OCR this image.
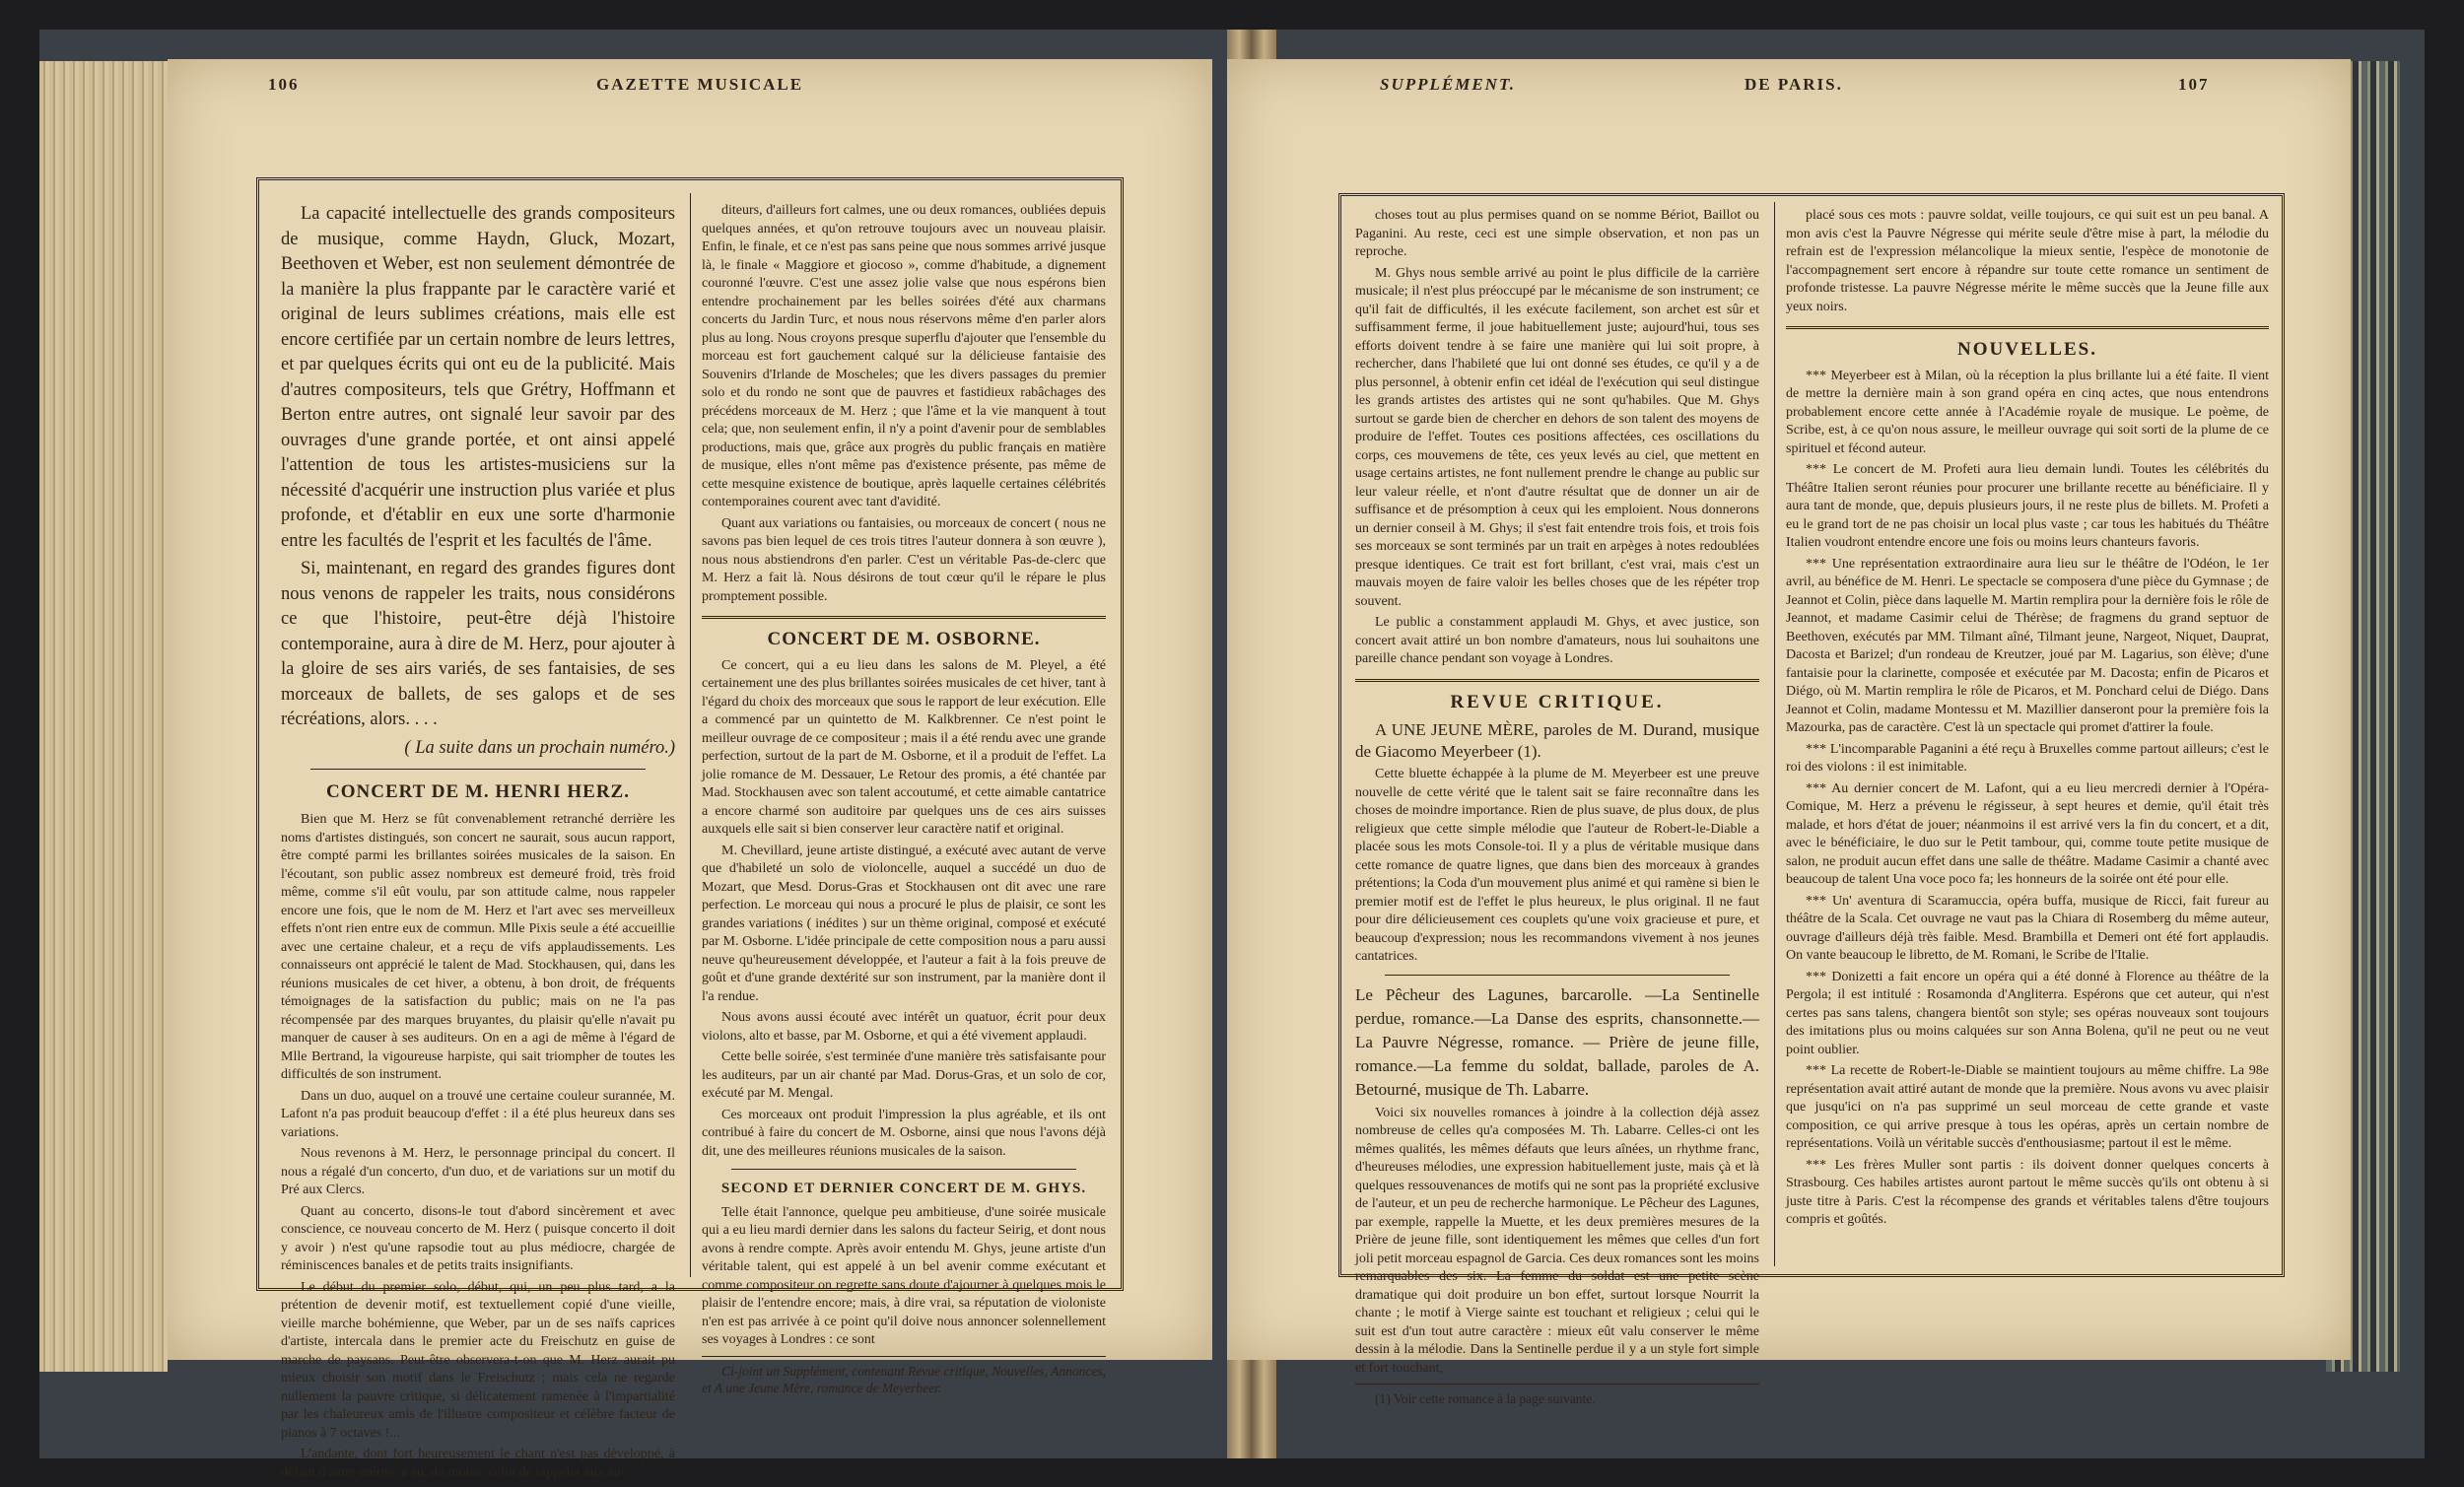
106	GAZETTE MUSICALE	SUPPLÉMENT.	DE PARIS.	107

La capacité intellectuelle des grands compositeurs de musique, comme Haydn, Gluck, Mozart, Beethoven et Weber, est non seulement démontrée de la manière la plus frappante par le caractère varié et original de leurs sublimes créations, mais elle est encore certifiée par un certain nombre de leurs lettres, et par quelques écrits qui ont eu de la publicité. Mais d'autres compositeurs, tels que Grétry, Hoffmann et Berton entre autres, ont signalé leur savoir par des ouvrages d'une grande portée, et ont ainsi appelé l'attention de tous les artistes-musiciens sur la nécessité d'acquérir une instruction plus variée et plus profonde, et d'établir en eux une sorte d'harmonie entre les facultés de l'esprit et les facultés de l'âme.

Si, maintenant, en regard des grandes figures dont nous venons de rappeler les traits, nous considérons ce que l'histoire, peut-être déjà l'histoire contemporaine, aura à dire de M. Herz, pour ajouter à la gloire de ses airs variés, de ses fantaisies, de ses morceaux de ballets, de ses galops et de ses récréations, alors. . . .

( La suite dans un prochain numéro.)

CONCERT DE M. HENRI HERZ.

Bien que M. Herz se fût convenablement retranché derrière les noms d'artistes distingués, son concert ne saurait, sous aucun rapport, être compté parmi les brillantes soirées musicales de la saison. En l'écoutant, son public assez nombreux est demeuré froid, très froid même, comme s'il eût voulu, par son attitude calme, nous rappeler encore une fois, que le nom de M. Herz et l'art avec ses merveilleux effets n'ont rien entre eux de commun. Mlle Pixis seule a été accueillie avec une certaine chaleur, et a reçu de vifs applaudissements. Les connaisseurs ont apprécié le talent de Mad. Stockhausen, qui, dans les réunions musicales de cet hiver, a obtenu, à bon droit, de fréquents témoignages de la satisfaction du public; mais on ne l'a pas récompensée par des marques bruyantes, du plaisir qu'elle n'avait pu manquer de causer à ses auditeurs. On en a agi de même à l'égard de Mlle Bertrand, la vigoureuse harpiste, qui sait triompher de toutes les difficultés de son instrument.

Dans un duo, auquel on a trouvé une certaine couleur surannée, M. Lafont n'a pas produit beaucoup d'effet : il a été plus heureux dans ses variations.

Nous revenons à M. Herz, le personnage principal du concert. Il nous a régalé d'un concerto, d'un duo, et de variations sur un motif du Pré aux Clercs.

Quant au concerto, disons-le tout d'abord sincèrement et avec conscience, ce nouveau concerto de M. Herz ( puisque concerto il doit y avoir ) n'est qu'une rapsodie tout au plus médiocre, chargée de réminiscences banales et de petits traits insignifiants.

Le début du premier solo, début, qui, un peu plus tard, a la prétention de devenir motif, est textuellement copié d'une vieille, vieille marche bohémienne, que Weber, par un de ses naïfs caprices d'artiste, intercala dans le premier acte du Freischutz en guise de marche de paysans. Peut-être observera-t-on que M. Herz aurait pu mieux choisir son motif dans le Freischutz ; mais cela ne regarde nullement la pauvre critique, si délicatement ramenée à l'impartialité par les chaleureux amis de l'illustre compositeur et célèbre facteur de pianos à 7 octaves !...

L'andante, dont fort heureusement le chant n'est pas développé, à défaut d'autre mérite, a eu, du moins, celui de rappeler aux au-

diteurs, d'ailleurs fort calmes, une ou deux romances, oubliées depuis quelques années, et qu'on retrouve toujours avec un nouveau plaisir. Enfin, le finale, et ce n'est pas sans peine que nous sommes arrivé jusque là, le finale « Maggiore et giocoso », comme d'habitude, a dignement couronné l'œuvre. C'est une assez jolie valse que nous espérons bien entendre prochainement par les belles soirées d'été aux charmans concerts du Jardin Turc, et nous nous réservons même d'en parler alors plus au long. Nous croyons presque superflu d'ajouter que l'ensemble du morceau est fort gauchement calqué sur la délicieuse fantaisie des Souvenirs d'Irlande de Moscheles; que les divers passages du premier solo et du rondo ne sont que de pauvres et fastidieux rabâchages des précédens morceaux de M. Herz ; que l'âme et la vie manquent à tout cela; que, non seulement enfin, il n'y a point d'avenir pour de semblables productions, mais que, grâce aux progrès du public français en matière de musique, elles n'ont même pas d'existence présente, pas même de cette mesquine existence de boutique, après laquelle certaines célébrités contemporaines courent avec tant d'avidité.

Quant aux variations ou fantaisies, ou morceaux de concert ( nous ne savons pas bien lequel de ces trois titres l'auteur donnera à son œuvre ), nous nous abstiendrons d'en parler. C'est un véritable Pas-de-clerc que M. Herz a fait là. Nous désirons de tout cœur qu'il le répare le plus promptement possible.

CONCERT DE M. OSBORNE.

Ce concert, qui a eu lieu dans les salons de M. Pleyel, a été certainement une des plus brillantes soirées musicales de cet hiver, tant à l'égard du choix des morceaux que sous le rapport de leur exécution. Elle a commencé par un quintetto de M. Kalkbrenner. Ce n'est point le meilleur ouvrage de ce compositeur ; mais il a été rendu avec une grande perfection, surtout de la part de M. Osborne, et il a produit de l'effet. La jolie romance de M. Dessauer, Le Retour des promis, a été chantée par Mad. Stockhausen avec son talent accoutumé, et cette aimable cantatrice a encore charmé son auditoire par quelques uns de ces airs suisses auxquels elle sait si bien conserver leur caractère natif et original.

M. Chevillard, jeune artiste distingué, a exécuté avec autant de verve que d'habileté un solo de violoncelle, auquel a succédé un duo de Mozart, que Mesd. Dorus-Gras et Stockhausen ont dit avec une rare perfection. Le morceau qui nous a procuré le plus de plaisir, ce sont les grandes variations ( inédites ) sur un thème original, composé et exécuté par M. Osborne. L'idée principale de cette composition nous a paru aussi neuve qu'heureusement développée, et l'auteur a fait à la fois preuve de goût et d'une grande dextérité sur son instrument, par la manière dont il l'a rendue.

Nous avons aussi écouté avec intérêt un quatuor, écrit pour deux violons, alto et basse, par M. Osborne, et qui a été vivement applaudi.

Cette belle soirée, s'est terminée d'une manière très satisfaisante pour les auditeurs, par un air chanté par Mad. Dorus-Gras, et un solo de cor, exécuté par M. Mengal.

Ces morceaux ont produit l'impression la plus agréable, et ils ont contribué à faire du concert de M. Osborne, ainsi que nous l'avons déjà dit, une des meilleures réunions musicales de la saison.

SECOND ET DERNIER CONCERT DE M. GHYS.

Telle était l'annonce, quelque peu ambitieuse, d'une soirée musicale qui a eu lieu mardi dernier dans les salons du facteur Seirig, et dont nous avons à rendre compte. Après avoir entendu M. Ghys, jeune artiste d'un véritable talent, qui est appelé à un bel avenir comme exécutant et comme compositeur on regrette sans doute d'ajourner à quelques mois le plaisir de l'entendre encore; mais, à dire vrai, sa réputation de violoniste n'en est pas arrivée à ce point qu'il doive nous annoncer solennellement ses voyages à Londres : ce sont

Ci-joint un Supplément, contenant Revue critique, Nouvelles, Annonces, et A une Jeune Mère, romance de Meyerbeer.

choses tout au plus permises quand on se nomme Bériot, Baillot ou Paganini. Au reste, ceci est une simple observation, et non pas un reproche.

M. Ghys nous semble arrivé au point le plus difficile de la carrière musicale; il n'est plus préoccupé par le mécanisme de son instrument; ce qu'il fait de difficultés, il les exécute facilement, son archet est sûr et suffisamment ferme, il joue habituellement juste; aujourd'hui, tous ses efforts doivent tendre à se faire une manière qui lui soit propre, à rechercher, dans l'habileté que lui ont donné ses études, ce qu'il y a de plus personnel, à obtenir enfin cet idéal de l'exécution qui seul distingue les grands artistes des artistes qui ne sont qu'habiles. Que M. Ghys surtout se garde bien de chercher en dehors de son talent des moyens de produire de l'effet. Toutes ces positions affectées, ces oscillations du corps, ces mouvemens de tête, ces yeux levés au ciel, que mettent en usage certains artistes, ne font nullement prendre le change au public sur leur valeur réelle, et n'ont d'autre résultat que de donner un air de suffisance et de présomption à ceux qui les emploient. Nous donnerons un dernier conseil à M. Ghys; il s'est fait entendre trois fois, et trois fois ses morceaux se sont terminés par un trait en arpèges à notes redoublées presque identiques. Ce trait est fort brillant, c'est vrai, mais c'est un mauvais moyen de faire valoir les belles choses que de les répéter trop souvent.

Le public a constamment applaudi M. Ghys, et avec justice, son concert avait attiré un bon nombre d'amateurs, nous lui souhaitons une pareille chance pendant son voyage à Londres.

REVUE CRITIQUE.

A UNE JEUNE MÈRE, paroles de M. Durand, musique de Giacomo Meyerbeer (1).

Cette bluette échappée à la plume de M. Meyerbeer est une preuve nouvelle de cette vérité que le talent sait se faire reconnaître dans les choses de moindre importance. Rien de plus suave, de plus doux, de plus religieux que cette simple mélodie que l'auteur de Robert-le-Diable a placée sous les mots Console-toi. Il y a plus de véritable musique dans cette romance de quatre lignes, que dans bien des morceaux à grandes prétentions; la Coda d'un mouvement plus animé et qui ramène si bien le premier motif est de l'effet le plus heureux, le plus original. Il ne faut pour dire délicieusement ces couplets qu'une voix gracieuse et pure, et beaucoup d'expression; nous les recommandons vivement à nos jeunes cantatrices.

Le Pêcheur des Lagunes, barcarolle. —La Sentinelle perdue, romance.—La Danse des esprits, chansonnette.—La Pauvre Négresse, romance. — Prière de jeune fille, romance.—La femme du soldat, ballade, paroles de A. Betourné, musique de Th. Labarre.

Voici six nouvelles romances à joindre à la collection déjà assez nombreuse de celles qu'a composées M. Th. Labarre. Celles-ci ont les mêmes qualités, les mêmes défauts que leurs aînées, un rhythme franc, d'heureuses mélodies, une expression habituellement juste, mais çà et là quelques ressouvenances de motifs qui ne sont pas la propriété exclusive de l'auteur, et un peu de recherche harmonique. Le Pêcheur des Lagunes, par exemple, rappelle la Muette, et les deux premières mesures de la Prière de jeune fille, sont identiquement les mêmes que celles d'un fort joli petit morceau espagnol de Garcia. Ces deux romances sont les moins remarquables des six. La femme du soldat est une petite scène dramatique qui doit produire un bon effet, surtout lorsque Nourrit la chante ; le motif à Vierge sainte est touchant et religieux ; celui qui le suit est d'un tout autre caractère : mieux eût valu conserver le même dessin à la mélodie. Dans la Sentinelle perdue il y a un style fort simple et fort touchant,

(1) Voir cette romance à la page suivante.

placé sous ces mots : pauvre soldat, veille toujours, ce qui suit est un peu banal. A mon avis c'est la Pauvre Négresse qui mérite seule d'être mise à part, la mélodie du refrain est de l'expression mélancolique la mieux sentie, l'espèce de monotonie de l'accompagnement sert encore à répandre sur toute cette romance un sentiment de profonde tristesse. La pauvre Négresse mérite le même succès que la Jeune fille aux yeux noirs.

NOUVELLES.

*** Meyerbeer est à Milan, où la réception la plus brillante lui a été faite. Il vient de mettre la dernière main à son grand opéra en cinq actes, que nous entendrons probablement encore cette année à l'Académie royale de musique. Le poème, de Scribe, est, à ce qu'on nous assure, le meilleur ouvrage qui soit sorti de la plume de ce spirituel et fécond auteur.

*** Le concert de M. Profeti aura lieu demain lundi. Toutes les célébrités du Théâtre Italien seront réunies pour procurer une brillante recette au bénéficiaire. Il y aura tant de monde, que, depuis plusieurs jours, il ne reste plus de billets. M. Profeti a eu le grand tort de ne pas choisir un local plus vaste ; car tous les habitués du Théâtre Italien voudront entendre encore une fois ou moins leurs chanteurs favoris.

*** Une représentation extraordinaire aura lieu sur le théâtre de l'Odéon, le 1er avril, au bénéfice de M. Henri. Le spectacle se composera d'une pièce du Gymnase ; de Jeannot et Colin, pièce dans laquelle M. Martin remplira pour la dernière fois le rôle de Jeannot, et madame Casimir celui de Thérèse; de fragmens du grand septuor de Beethoven, exécutés par MM. Tilmant aîné, Tilmant jeune, Nargeot, Niquet, Dauprat, Dacosta et Barizel; d'un rondeau de Kreutzer, joué par M. Lagarius, son élève; d'une fantaisie pour la clarinette, composée et exécutée par M. Dacosta; enfin de Picaros et Diégo, où M. Martin remplira le rôle de Picaros, et M. Ponchard celui de Diégo. Dans Jeannot et Colin, madame Montessu et M. Mazillier danseront pour la première fois la Mazourka, pas de caractère. C'est là un spectacle qui promet d'attirer la foule.

*** L'incomparable Paganini a été reçu à Bruxelles comme partout ailleurs; c'est le roi des violons : il est inimitable.

*** Au dernier concert de M. Lafont, qui a eu lieu mercredi dernier à l'Opéra-Comique, M. Herz a prévenu le régisseur, à sept heures et demie, qu'il était très malade, et hors d'état de jouer; néanmoins il est arrivé vers la fin du concert, et a dit, avec le bénéficiaire, le duo sur le Petit tambour, qui, comme toute petite musique de salon, ne produit aucun effet dans une salle de théâtre. Madame Casimir a chanté avec beaucoup de talent Una voce poco fa; les honneurs de la soirée ont été pour elle.

*** Un' aventura di Scaramuccia, opéra buffa, musique de Ricci, fait fureur au théâtre de la Scala. Cet ouvrage ne vaut pas la Chiara di Rosemberg du même auteur, ouvrage d'ailleurs déjà très faible. Mesd. Brambilla et Demeri ont été fort applaudis. On vante beaucoup le libretto, de M. Romani, le Scribe de l'Italie.

*** Donizetti a fait encore un opéra qui a été donné à Florence au théâtre de la Pergola; il est intitulé : Rosamonda d'Angliterra. Espérons que cet auteur, qui n'est certes pas sans talens, changera bientôt son style; ses opéras nouveaux sont toujours des imitations plus ou moins calquées sur son Anna Bolena, qu'il ne peut ou ne veut point oublier.

*** La recette de Robert-le-Diable se maintient toujours au même chiffre. La 98e représentation avait attiré autant de monde que la première. Nous avons vu avec plaisir que jusqu'ici on n'a pas supprimé un seul morceau de cette grande et vaste composition, ce qui arrive presque à tous les opéras, après un certain nombre de représentations. Voilà un véritable succès d'enthousiasme; partout il est le même.

*** Les frères Muller sont partis : ils doivent donner quelques concerts à Strasbourg. Ces habiles artistes auront partout le même succès qu'ils ont obtenu à si juste titre à Paris. C'est la récompense des grands et véritables talens d'être toujours compris et goûtés.
